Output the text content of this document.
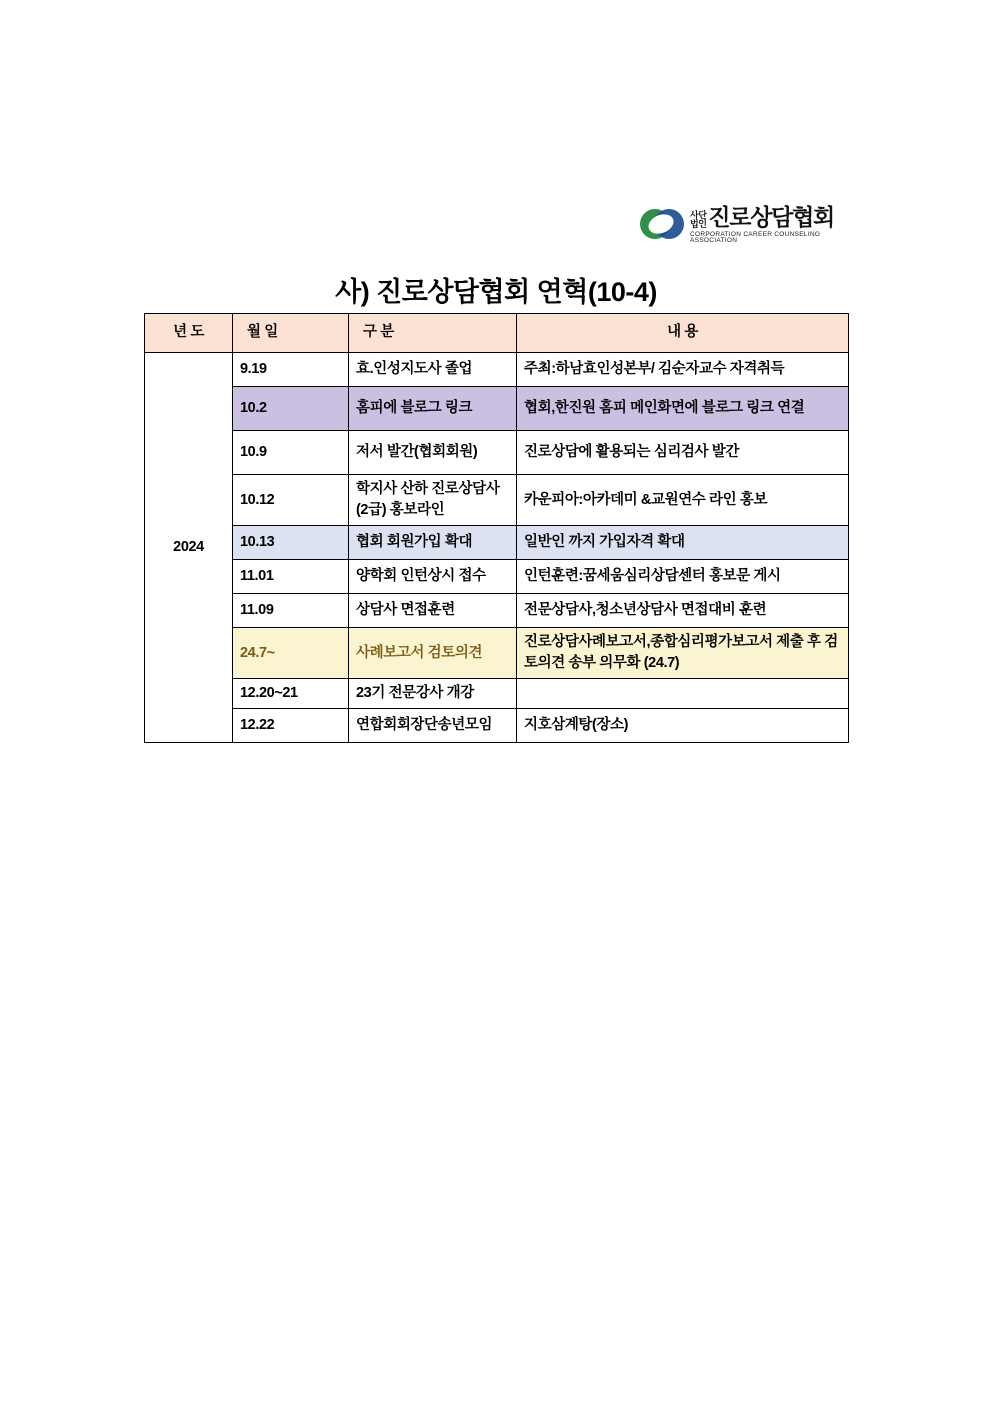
사단
법인 진로상담협회
CORPORATION CAREER COUNSELING ASSOCIATION
사) 진로상담협회 연혁(10-4)
년 도	월 일	구 분	내 용
2024	9.19	효.인성지도사 졸업	주최:하남효인성본부/ 김순자교수 자격취득
	10.2	홈피에 블로그 링크	협회,한진원 홈피 메인화면에 블로그 링크 연결
	10.9	저서 발간(협회회원)	진로상담에 활용되는 심리검사 발간
	10.12	학지사 산하 진로상담사(2급) 홍보라인	카운피아:아카데미 &교원연수 라인 홍보
	10.13	협회 회원가입 확대	일반인 까지 가입자격 확대
	11.01	양학회 인턴상시 접수	인턴훈련:꿈세움심리상담센터 홍보문 게시
	11.09	상담사 면접훈련	전문상담사,청소년상담사 면접대비 훈련
	24.7~	사례보고서 검토의견	진로상담사례보고서,종합심리평가보고서 제출 후 검토의견 송부 의무화 (24.7)
	12.20~21	23기 전문강사 개강	
	12.22	연합회회장단송년모임	지호삼계탕(장소)
